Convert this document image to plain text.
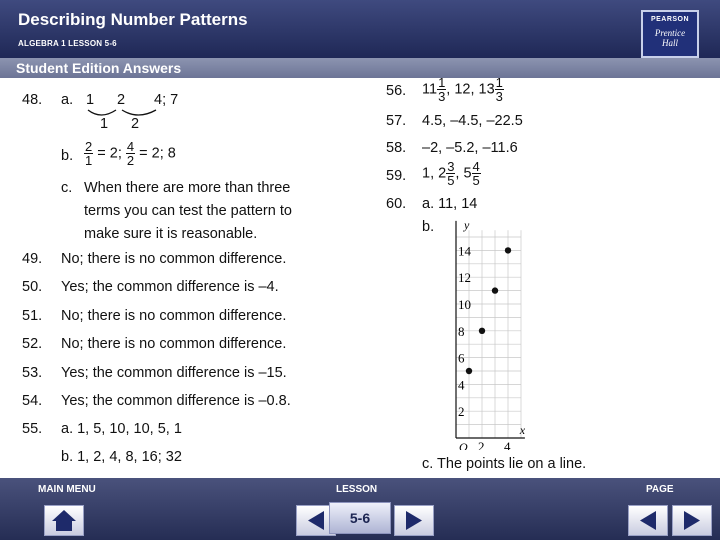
Describing Number Patterns
ALGEBRA 1 LESSON 5-6
PEARSON
Prentice
Hall
Student Edition Answers
48. a. 1 2 4; 7
1 2
b. $\frac{2}{1} = 2$; $\frac{4}{2} = 2$; 8
c. When there are more than three
terms you can test the pattern to
make sure it is reasonable.
49. No; there is no common difference.
50. Yes; the common difference is –4.
51. No; there is no common difference.
52. No; there is no common difference.
53. Yes; the common difference is –15.
54. Yes; the common difference is –0.8.
55. a. 1, 5, 10, 10, 5, 1
b. 1, 2, 4, 8, 16; 32
56. $11 \frac{1}{3}$ , 12, $13 \frac{1}{3}$
57. 4.5, –4.5, –22.5
58. –2, –5.2, –11.6
59. 1, $2 \frac{3}{5}$ , $5 \frac{4}{5}$
60. a. 11, 14
b. y
x
O
2
4
6
8
10
12
14
2 4
c. The points lie on a line.
MAIN MENU	LESSON	PAGE
5-6
